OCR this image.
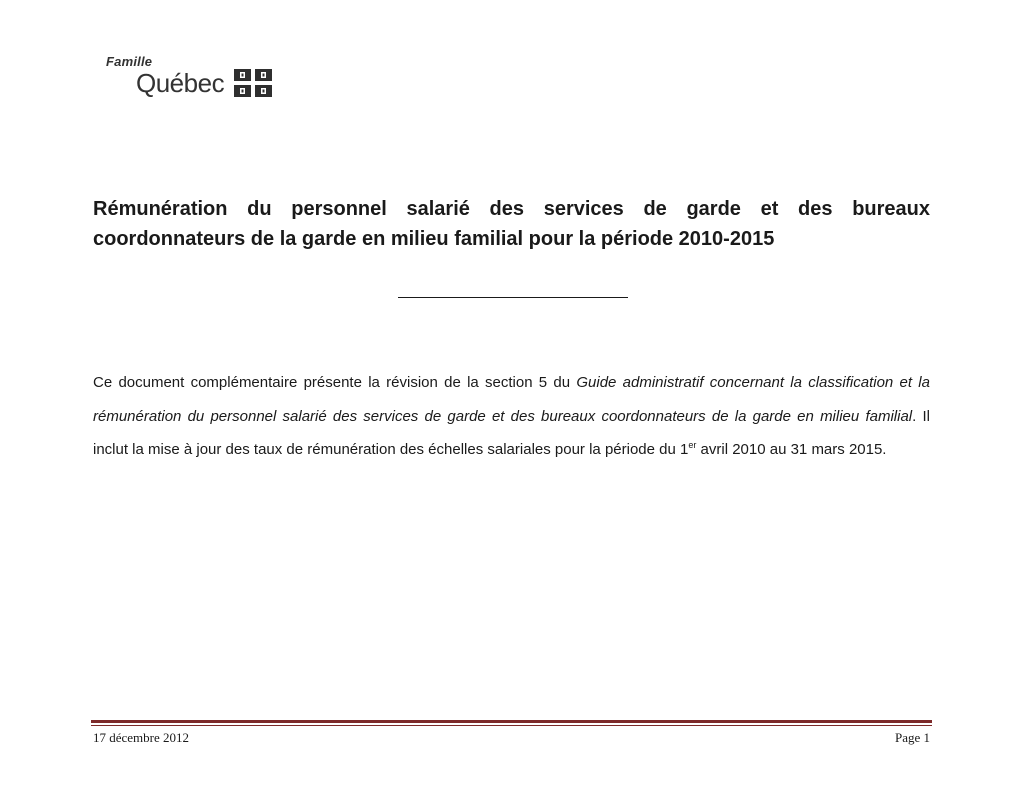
Famille
Québec
Rémunération du personnel salarié des services de garde et des bureaux coordonnateurs de la garde en milieu familial pour la période 2010-2015

Ce document complémentaire présente la révision de la section 5 du Guide administratif concernant la classification et la rémunération du personnel salarié des services de garde et des bureaux coordonnateurs de la garde en milieu familial. Il inclut la mise à jour des taux de rémunération des échelles salariales pour la période du 1er avril 2010 au 31 mars 2015.

17 décembre 2012	Page 1
